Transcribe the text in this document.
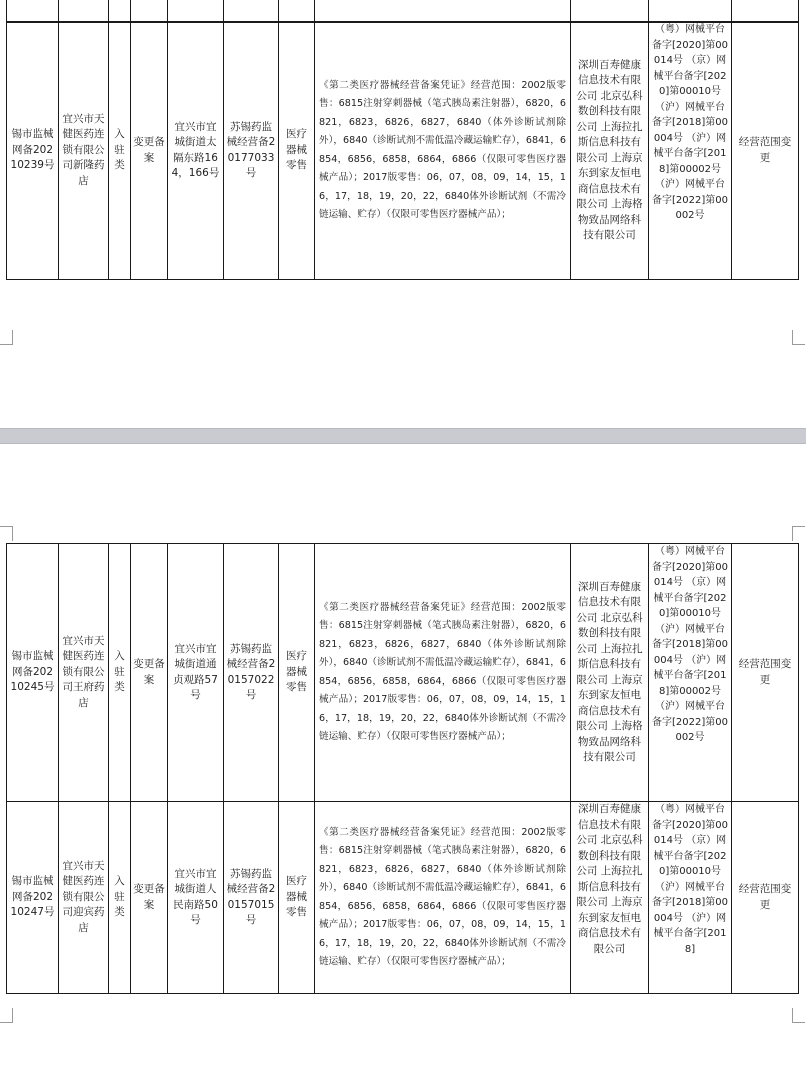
锡市监械网备20210239号	宜兴市天健医药连锁有限公司新隆药店	入驻类	变更备案	宜兴市宜城街道太隔东路164，166号	苏锡药监械经营备20177033号	医疗器械零售	《第二类医疗器械经营备案凭证》经营范围：2002版零售：6815注射穿刺器械（笔式胰岛素注射器），6820，6821，6823，6826，6827，6840（体外诊断试剂除外），6840（诊断试剂不需低温冷藏运输贮存），6841，6854，6856，6858，6864，6866（仅限可零售医疗器械产品）；2017版零售：06，07，08，09，14，15，16，17，18，19，20，22，6840体外诊断试剂（不需冷链运输、贮存）（仅限可零售医疗器械产品）；	深圳百寿健康信息技术有限公司 北京弘科数创科技有限公司 上海拉扎斯信息科技有限公司 上海京东到家友恒电商信息技术有限公司 上海格物致品网络科技有限公司	（粤）网械平台备字[2020]第00014号 （京）网械平台备字[2020]第00010号 （沪）网械平台备字[2018]第00004号 （沪）网械平台备字[2018]第00002号 （沪）网械平台备字[2022]第00002号	经营范围变更
锡市监械网备20210245号	宜兴市天健医药连锁有限公司王府药店	入驻类	变更备案	宜兴市宜城街道通贞观路57号	苏锡药监械经营备20157022号	医疗器械零售	《第二类医疗器械经营备案凭证》经营范围：2002版零售：6815注射穿刺器械（笔式胰岛素注射器），6820，6821，6823，6826，6827，6840（体外诊断试剂除外），6840（诊断试剂不需低温冷藏运输贮存），6841，6854，6856，6858，6864，6866（仅限可零售医疗器械产品）；2017版零售：06，07，08，09，14，15，16，17，18，19，20，22，6840体外诊断试剂（不需冷链运输、贮存）（仅限可零售医疗器械产品）；	深圳百寿健康信息技术有限公司 北京弘科数创科技有限公司 上海拉扎斯信息科技有限公司 上海京东到家友恒电商信息技术有限公司 上海格物致品网络科技有限公司	（粤）网械平台备字[2020]第00014号 （京）网械平台备字[2020]第00010号 （沪）网械平台备字[2018]第00004号 （沪）网械平台备字[2018]第00002号 （沪）网械平台备字[2022]第00002号	经营范围变更
锡市监械网备20210247号	宜兴市天健医药连锁有限公司迎宾药店	入驻类	变更备案	宜兴市宜城街道人民南路50号	苏锡药监械经营备20157015号	医疗器械零售	《第二类医疗器械经营备案凭证》经营范围：2002版零售：6815注射穿刺器械（笔式胰岛素注射器），6820，6821，6823，6826，6827，6840（体外诊断试剂除外），6840（诊断试剂不需低温冷藏运输贮存），6841，6854，6856，6858，6864，6866（仅限可零售医疗器械产品）；2017版零售：06，07，08，09，14，15，16，17，18，19，20，22，6840体外诊断试剂（不需冷链运输、贮存）（仅限可零售医疗器械产品）；	深圳百寿健康信息技术有限公司 北京弘科数创科技有限公司 上海拉扎斯信息科技有限公司 上海京东到家友恒电商信息技术有限公司	（粤）网械平台备字[2020]第00014号 （京）网械平台备字[2020]第00010号 （沪）网械平台备字[2018]第00004号 （沪）网械平台备字[2018]	经营范围变更
